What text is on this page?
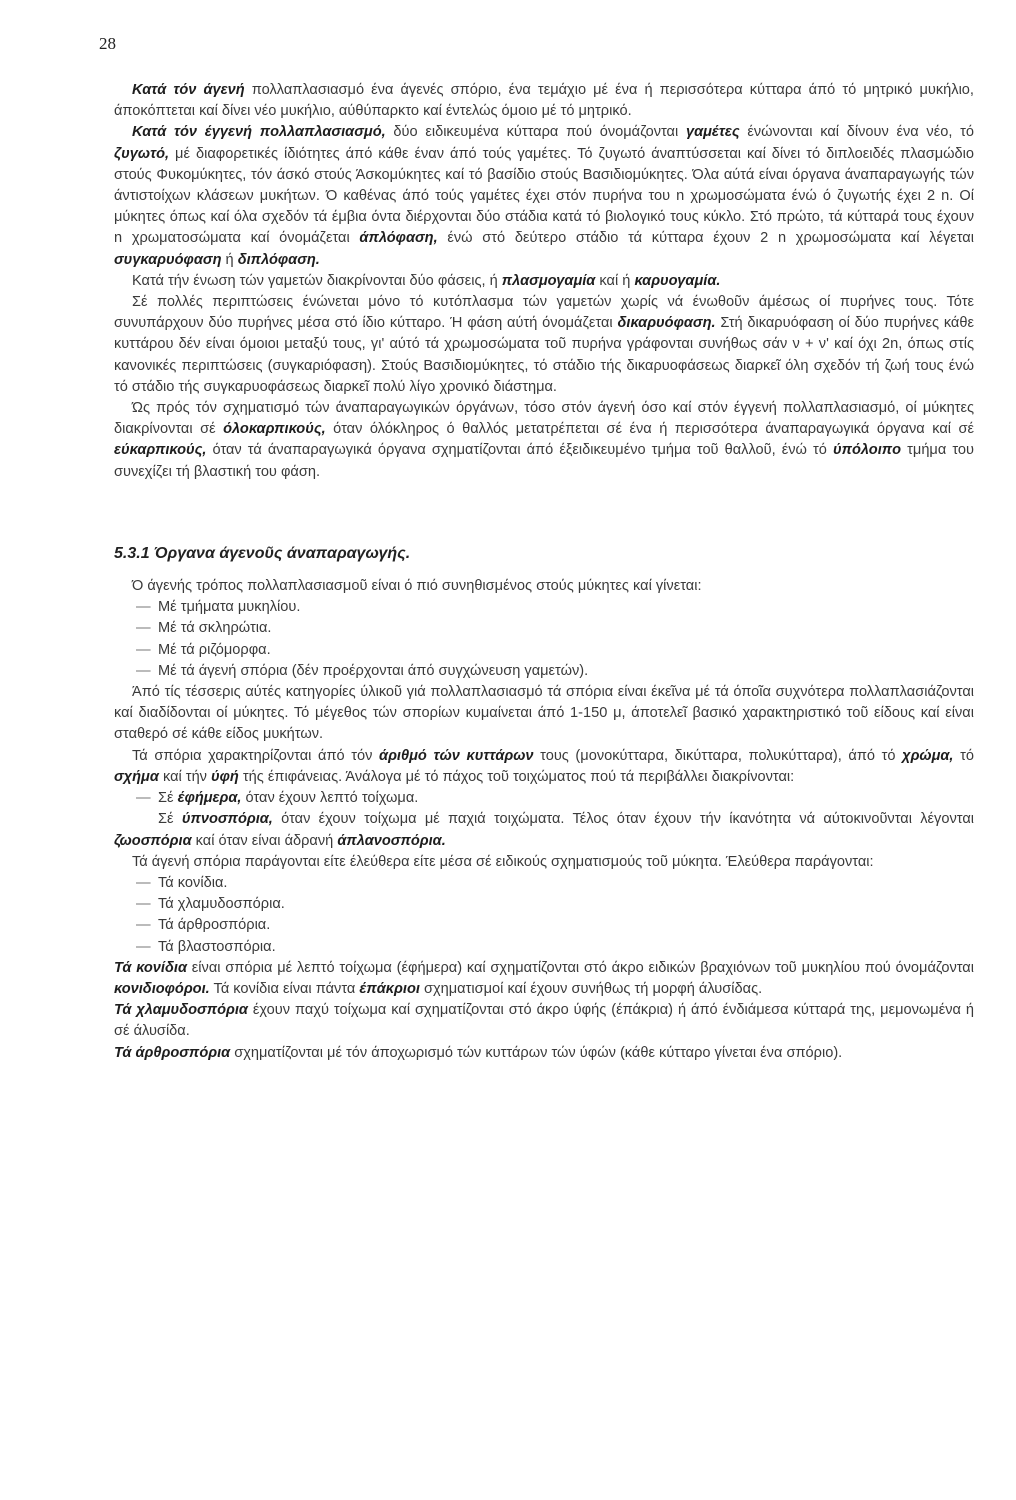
28

Κατά τόν άγενή πολλαπλασιασμό ένα άγενές σπόριο, ένα τεμάχιο μέ ένα ή περισσότερα κύτταρα άπό τό μητρικό μυκήλιο, άποκόπτεται καί δίνει νέο μυκήλιο, αύθύπαρκτο καί έντελώς όμοιο μέ τό μητρικό.

Κατά τόν έγγενή πολλαπλασιασμό, δύο ειδικευμένα κύτταρα πού όνομάζονται γαμέτες ένώνονται καί δίνουν ένα νέο, τό ζυγωτό, μέ διαφορετικές ίδιότητες άπό κάθε έναν άπό τούς γαμέτες. Τό ζυγωτό άναπτύσσεται καί δίνει τό διπλοειδές πλασμώδιο στούς Φυκομύκητες, τόν άσκό στούς Άσκομύκητες καί τό βασίδιο στούς Βασιδιομύκητες. Όλα αύτά είναι όργανα άναπαραγωγής τών άντιστοίχων κλάσεων μυκήτων. Ό καθένας άπό τούς γαμέτες έχει στόν πυρήνα του n χρωμοσώματα ένώ ό ζυγωτής έχει 2 n. Οί μύκητες όπως καί όλα σχεδόν τά έμβια όντα διέρχονται δύο στάδια κατά τό βιολογικό τους κύκλο. Στό πρώτο, τά κύτταρά τους έχουν n χρωματοσώματα καί όνομάζεται άπλόφαση, ένώ στό δεύτερο στάδιο τά κύτταρα έχουν 2 n χρωμοσώματα καί λέγεται συγκαρυόφαση ή διπλόφαση.

Κατά τήν ένωση τών γαμετών διακρίνονται δύο φάσεις, ή πλασμογαμία καί ή καρυογαμία.

Σέ πολλές περιπτώσεις ένώνεται μόνο τό κυτόπλασμα τών γαμετών χωρίς νά ένωθοῦν άμέσως οί πυρήνες τους. Τότε συνυπάρχουν δύο πυρήνες μέσα στό ίδιο κύτταρο. Ή φάση αύτή όνομάζεται δικαρυόφαση. Στή δικαρυόφαση οί δύο πυρήνες κάθε κυττάρου δέν είναι όμοιοι μεταξύ τους, γι' αύτό τά χρωμοσώματα τοῦ πυρήνα γράφονται συνήθως σάν ν + ν' καί όχι 2n, όπως στίς κανονικές περιπτώσεις (συγκαριόφαση). Στούς Βασιδιομύκητες, τό στάδιο τής δικαρυοφάσεως διαρκεῖ όλη σχεδόν τή ζωή τους ένώ τό στάδιο τής συγκαρυοφάσεως διαρκεῖ πολύ λίγο χρονικό διάστημα.

Ώς πρός τόν σχηματισμό τών άναπαραγωγικών όργάνων, τόσο στόν άγενή όσο καί στόν έγγενή πολλαπλασιασμό, οί μύκητες διακρίνονται σέ όλοκαρπικούς, όταν όλόκληρος ό θαλλός μετατρέπεται σέ ένα ή περισσότερα άναπαραγωγικά όργανα καί σέ εύκαρπικούς, όταν τά άναπαραγωγικά όργανα σχηματίζονται άπό έξειδικευμένο τμήμα τοῦ θαλλοῦ, ένώ τό ύπόλοιπο τμήμα του συνεχίζει τή βλαστική του φάση.

5.3.1 Όργανα άγενοῦς άναπαραγωγής.

Ό άγενής τρόπος πολλαπλασιασμοῦ είναι ό πιό συνηθισμένος στούς μύκητες καί γίνεται:

— Μέ τμήματα μυκηλίου.
— Μέ τά σκληρώτια.
— Μέ τά ριζόμορφα.
— Μέ τά άγενή σπόρια (δέν προέρχονται άπό συγχώνευση γαμετών).

Άπό τίς τέσσερις αύτές κατηγορίες ύλικοῦ γιά πολλαπλασιασμό τά σπόρια είναι έκεῖνα μέ τά όποῖα συχνότερα πολλαπλασιάζονται καί διαδίδονται οί μύκητες. Τό μέγεθος τών σπορίων κυμαίνεται άπό 1-150 μ, άποτελεῖ βασικό χαρακτηριστικό τοῦ είδους καί είναι σταθερό σέ κάθε είδος μυκήτων.

Τά σπόρια χαρακτηρίζονται άπό τόν άριθμό τών κυττάρων τους (μονοκύτταρα, δικύτταρα, πολυκύτταρα), άπό τό χρώμα, τό σχήμα καί τήν ύφή τής έπιφάνειας. Άνάλογα μέ τό πάχος τοῦ τοιχώματος πού τά περιβάλλει διακρίνονται:

— Σέ έφήμερα, όταν έχουν λεπτό τοίχωμα.

Σέ ύπνοσπόρια, όταν έχουν τοίχωμα μέ παχιά τοιχώματα. Τέλος όταν έχουν τήν ίκανότητα νά αύτοκινοῦνται λέγονται ζωοσπόρια καί όταν είναι άδρανή άπλανοσπόρια.

Τά άγενή σπόρια παράγονται είτε έλεύθερα είτε μέσα σέ ειδικούς σχηματισμούς τοῦ μύκητα. Έλεύθερα παράγονται:

— Τά κονίδια.
— Τά χλαμυδοσπόρια.
— Τά άρθροσπόρια.
— Τά βλαστοσπόρια.

Τά κονίδια είναι σπόρια μέ λεπτό τοίχωμα (έφήμερα) καί σχηματίζονται στό άκρο ειδικών βραχιόνων τοῦ μυκηλίου πού όνομάζονται κονιδιοφόροι. Τά κονίδια είναι πάντα έπάκριοι σχηματισμοί καί έχουν συνήθως τή μορφή άλυσίδας.

Τά χλαμυδοσπόρια έχουν παχύ τοίχωμα καί σχηματίζονται στό άκρο ύφής (έπάκρια) ή άπό ένδιάμεσα κύτταρά της, μεμονωμένα ή σέ άλυσίδα.

Τά άρθροσπόρια σχηματίζονται μέ τόν άποχωρισμό τών κυττάρων τών ύφών (κάθε κύτταρο γίνεται ένα σπόριο).
